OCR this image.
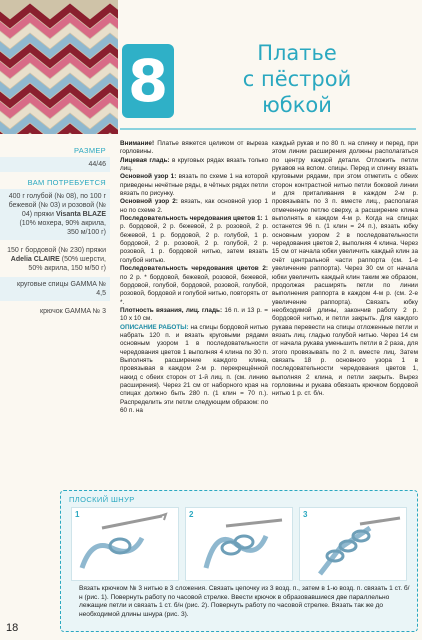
8	Платье
с пёстрой
юбкой
РАЗМЕР
44/46
ВАМ ПОТРЕБУЕТСЯ
400 г голубой (№ 08), по 100 г бежевой (№ 03) и розовой (№ 04) пряжи Visanta BLAZE (10% мохера, 90% акрила, 350 м/100 г)
150 г бордовой (№ 230) пряжи Adelia CLAIRE (50% шерсти, 50% акрила, 150 м/50 г)
круговые спицы GAMMA № 4,5
крючок GAMMA № 3
Внимание! Платье вяжется целиком от выреза горловины.
Лицевая гладь: в круговых рядах вязать только лиц.
Основной узор 1: вязать по схеме 1 на которой приведены нечётные ряды, в чётных рядах петли вязать по рисунку.
Основной узор 2: вязать, как основной узор 1 но по схеме 2.
Последовательность чередования цветов 1: 1 р. бордовой, 2 р. бежевой, 2 р. розовой, 2 р. бежевой, 1 р. бордовой, 2 р. голубой, 1 р. бордовой, 2 р. розовой, 2 р. голубой, 2 р. розовой, 1 р. бордовой нитью, затем вязать голубой нитью.
Последовательность чередования цветов 2: по 2 р. * бордовой, бежевой, розовой, бежевой, бордовой, голубой, бордовой, розовой, голубой, розовой, бордовой и голубой нитью, повторять от *.
Плотность вязания, лиц. гладь: 16 п. и 13 р. = 10 х 10 см.
ОПИСАНИЕ РАБОТЫ: на спицы бордовой нитью набрать 120 п. и вязать круговыми рядами основным узором 1 в последовательности чередования цветов 1 выполняя 4 клина по 30 п. Выполнять расширение каждого клина, провязывая в каждом 2-м р. перекрещённой накид с обеих сторон от 1-й лиц. п. (см. линию расширения). Через 21 см от наборного края на спицах должно быть 280 п. (1 клин = 70 п.). Распределить эти петли следующим образом: по 60 п. на
каждый рукав и по 80 п. на спинку и перед, при этом линии расширения должны располагаться по центру каждой детали. Отложить петли рукавов на вспом. спицы. Перед и спинку вязать круговыми рядами, при этом отметить с обеих сторон контрастной нитью петли боковой линии и для приталивания в каждом 2-м р. провязывать по 3 п. вместе лиц., располагая отмеченную петлю сверху, а расширение клина выполнять в каждом 4-м р. Когда на спицах останется 96 п. (1 клин = 24 п.), вязать юбку основным узором 2 в последовательности чередования цветов 2, выполняя 4 клина. Через 15 см от начала юбки увеличить каждый клин за счёт центральной части раппорта (см. 1-е увеличение раппорта). Через 30 см от начала юбки увеличить каждый клин таким же образом, продолжая расширять петли по линии выполнения раппорта в каждом 4-м р. (см. 2-е увеличение раппорта). Связать юбку необходимой длины, закончив работу 2 р. бордовой нитью, и петли закрыть. Для каждого рукава перевести на спицы отложенные петли и вязать лиц. гладью голубой нитью. Через 14 см от начала рукава уменьшить петли в 2 раза, для этого провязывать по 2 п. вместе лиц. Затем связать 18 р. основного узора 1 в последовательности чередования цветов 1, выполняя 2 клина, и петли закрыть. Вырез горловины и рукава обвязать крючком бордовой нитью 1 р. ст. б/н.
ПЛОСКИЙ ШНУР
1	2	3
Вязать крючком № 3 нитью в 3 сложения. Связать цепочку из 3 возд. п., затем в 1-ю возд. п. связать 1 ст. б/н (рис. 1). Повернуть работу по часовой стрелке. Ввести крючок в образовавшиеся две параллельно лежащие петли и связать 1 ст. б/н (рис. 2). Повернуть работу по часовой стрелке. Вязать так же до необходимой длины шнура (рис. 3).
18
